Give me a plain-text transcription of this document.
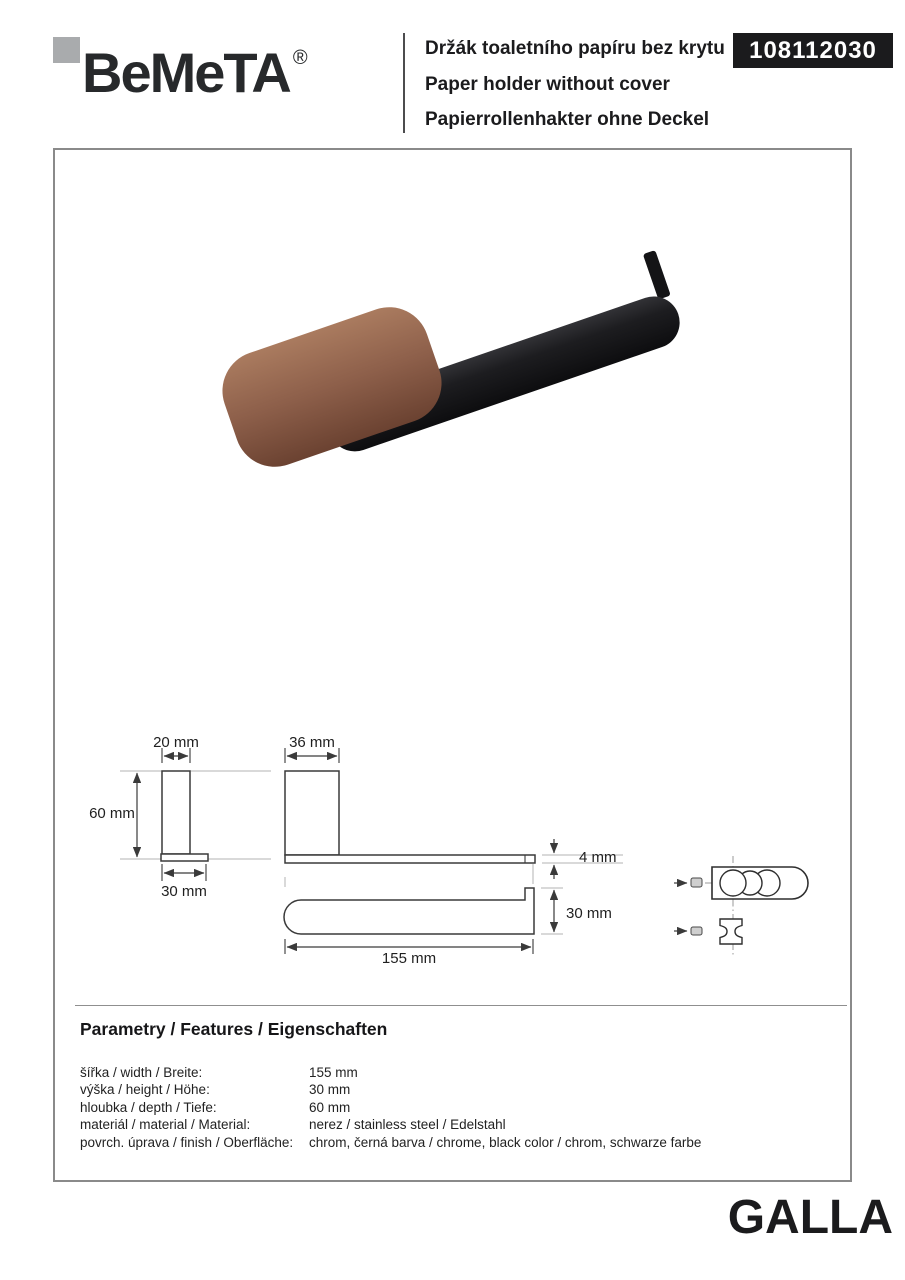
BeMeTA ®	Držák toaletního papíru bez krytu
Paper holder without cover
Papierrollenhakter ohne Deckel
108112030
20 mm	36 mm
60 mm
30 mm
4 mm
30 mm
155 mm
Parametry / Features / Eigenschaften
šířka / width / Breite:	155 mm
výška / height / Höhe:	30 mm
hloubka / depth / Tiefe:	60 mm
materiál / material / Material:	nerez / stainless steel / Edelstahl
povrch. úprava / finish / Oberfläche:	chrom, černá barva / chrome, black color / chrom, schwarze farbe
GALLA
